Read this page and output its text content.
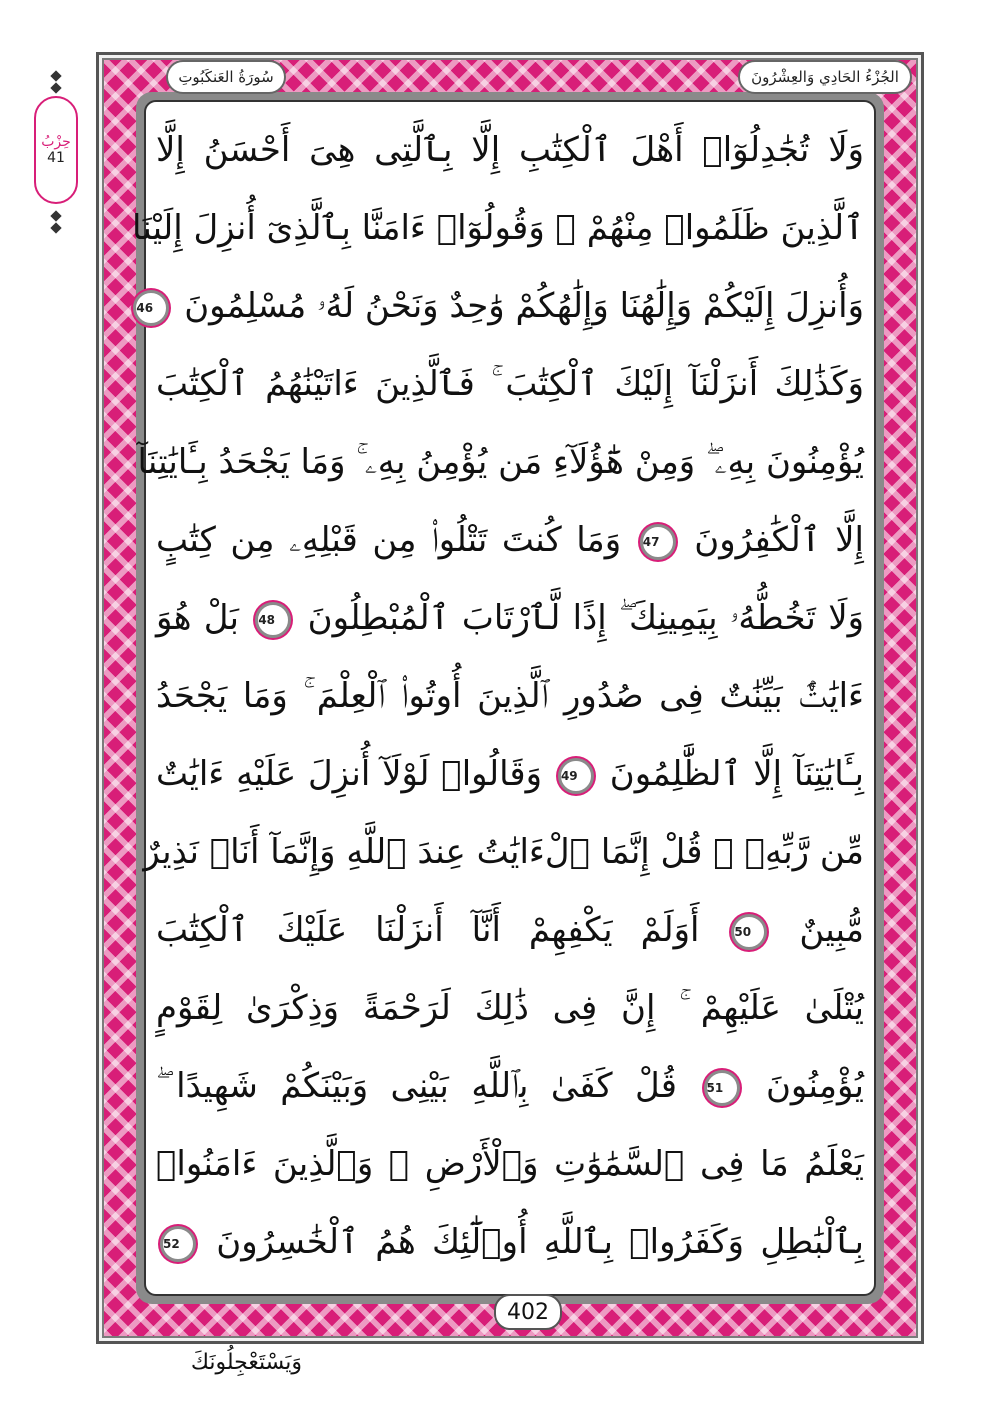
الجُزْءُ الحَادِي وَالعِشْرُونَ
سُورَةُ العَنكَبُوتِ
حِزْبُ
41	وَلَا تُجَٰدِلُوٓا۟ أَهْلَ ٱلْكِتَٰبِ إِلَّا بِٱلَّتِى هِىَ أَحْسَنُ إِلَّا
ٱلَّذِينَ ظَلَمُوا۟ مِنْهُمْ ۖ وَقُولُوٓا۟ ءَامَنَّا بِٱلَّذِىٓ أُنزِلَ إِلَيْنَا
وَأُنزِلَ إِلَيْكُمْ وَإِلَٰهُنَا وَإِلَٰهُكُمْ وَٰحِدٌ وَنَحْنُ لَهُۥ مُسْلِمُونَ 46
وَكَذَٰلِكَ أَنزَلْنَآ إِلَيْكَ ٱلْكِتَٰبَ ۚ فَٱلَّذِينَ ءَاتَيْنَٰهُمُ ٱلْكِتَٰبَ
يُؤْمِنُونَ بِهِۦ ۖ وَمِنْ هَٰٓؤُلَآءِ مَن يُؤْمِنُ بِهِۦ ۚ وَمَا يَجْحَدُ بِـَٔايَٰتِنَآ
إِلَّا ٱلْكَٰفِرُونَ 47 وَمَا كُنتَ تَتْلُوا۟ مِن قَبْلِهِۦ مِن كِتَٰبٍ
وَلَا تَخُطُّهُۥ بِيَمِينِكَ ۖ إِذًا لَّٱرْتَابَ ٱلْمُبْطِلُونَ 48 بَلْ هُوَ
ءَايَٰتٌۢ بَيِّنَٰتٌ فِى صُدُورِ ٱلَّذِينَ أُوتُوا۟ ٱلْعِلْمَ ۚ وَمَا يَجْحَدُ
بِـَٔايَٰتِنَآ إِلَّا ٱلظَّٰلِمُونَ 49 وَقَالُوا۟ لَوْلَآ أُنزِلَ عَلَيْهِ ءَايَٰتٌ
مِّن رَّبِّهِۦ ۖ قُلْ إِنَّمَا ٱلْءَايَٰتُ عِندَ ٱللَّهِ وَإِنَّمَآ أَنَا۠ نَذِيرٌ
مُّبِينٌ 50 أَوَلَمْ يَكْفِهِمْ أَنَّآ أَنزَلْنَا عَلَيْكَ ٱلْكِتَٰبَ
يُتْلَىٰ عَلَيْهِمْ ۚ إِنَّ فِى ذَٰلِكَ لَرَحْمَةً وَذِكْرَىٰ لِقَوْمٍ
يُؤْمِنُونَ 51 قُلْ كَفَىٰ بِٱللَّهِ بَيْنِى وَبَيْنَكُمْ شَهِيدًا ۖ
يَعْلَمُ مَا فِى ٱلسَّمَٰوَٰتِ وَٱلْأَرْضِ ۗ وَٱلَّذِينَ ءَامَنُوا۟
بِٱلْبَٰطِلِ وَكَفَرُوا۟ بِٱللَّهِ أُو۟لَٰٓئِكَ هُمُ ٱلْخَٰسِرُونَ 52
402
وَيَسْتَعْجِلُونَكَ
